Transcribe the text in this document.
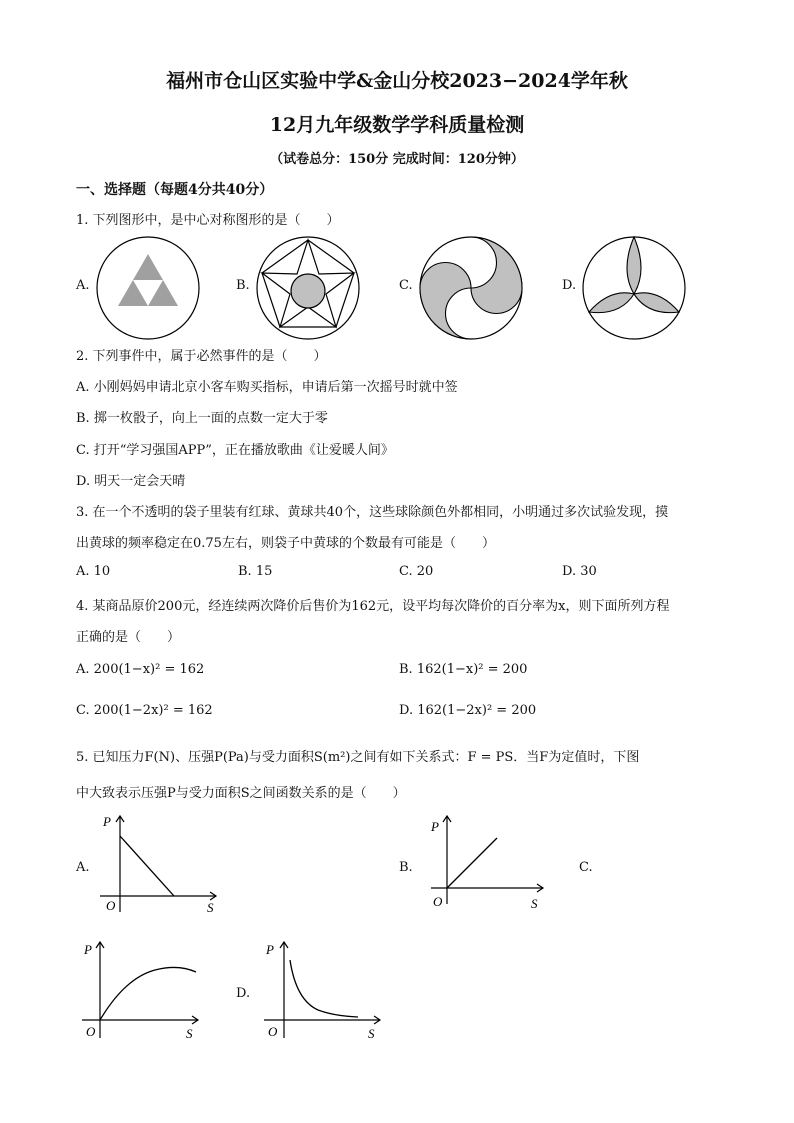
福州市仓山区实验中学&金山分校2023−2024学年秋
12月九年级数学学科质量检测
（试卷总分：150分 完成时间：120分钟）
一、选择题（每题4分共40分）
1. 下列图形中，是中心对称图形的是（　　）
A.	B.	C.	D.
2. 下列事件中，属于必然事件的是（　　）
A. 小刚妈妈申请北京小客车购买指标，申请后第一次摇号时就中签
B. 掷一枚骰子，向上一面的点数一定大于零
C. 打开“学习强国APP”，正在播放歌曲《让爱暖人间》
D. 明天一定会天晴
3. 在一个不透明的袋子里装有红球、黄球共40个，这些球除颜色外都相同，小明通过多次试验发现，摸
出黄球的频率稳定在0.75左右，则袋子中黄球的个数最有可能是（　　）
A. 10	B. 15	C. 20	D. 30
4. 某商品原价200元，经连续两次降价后售价为162元，设平均每次降价的百分率为x，则下面所列方程
正确的是（　　）
A. 200(1−x)² = 162	B. 162(1−x)² = 200
C. 200(1−2x)² = 162	D. 162(1−2x)² = 200
5. 已知压力F(N)、压强P(Pa)与受力面积S(m²)之间有如下关系式：F = PS．当F为定值时，下图
中大致表示压强P与受力面积S之间函数关系的是（　　）
A.
P
S
O
B.
P
S
O
C.
P
S
O
D.
P
S
O
